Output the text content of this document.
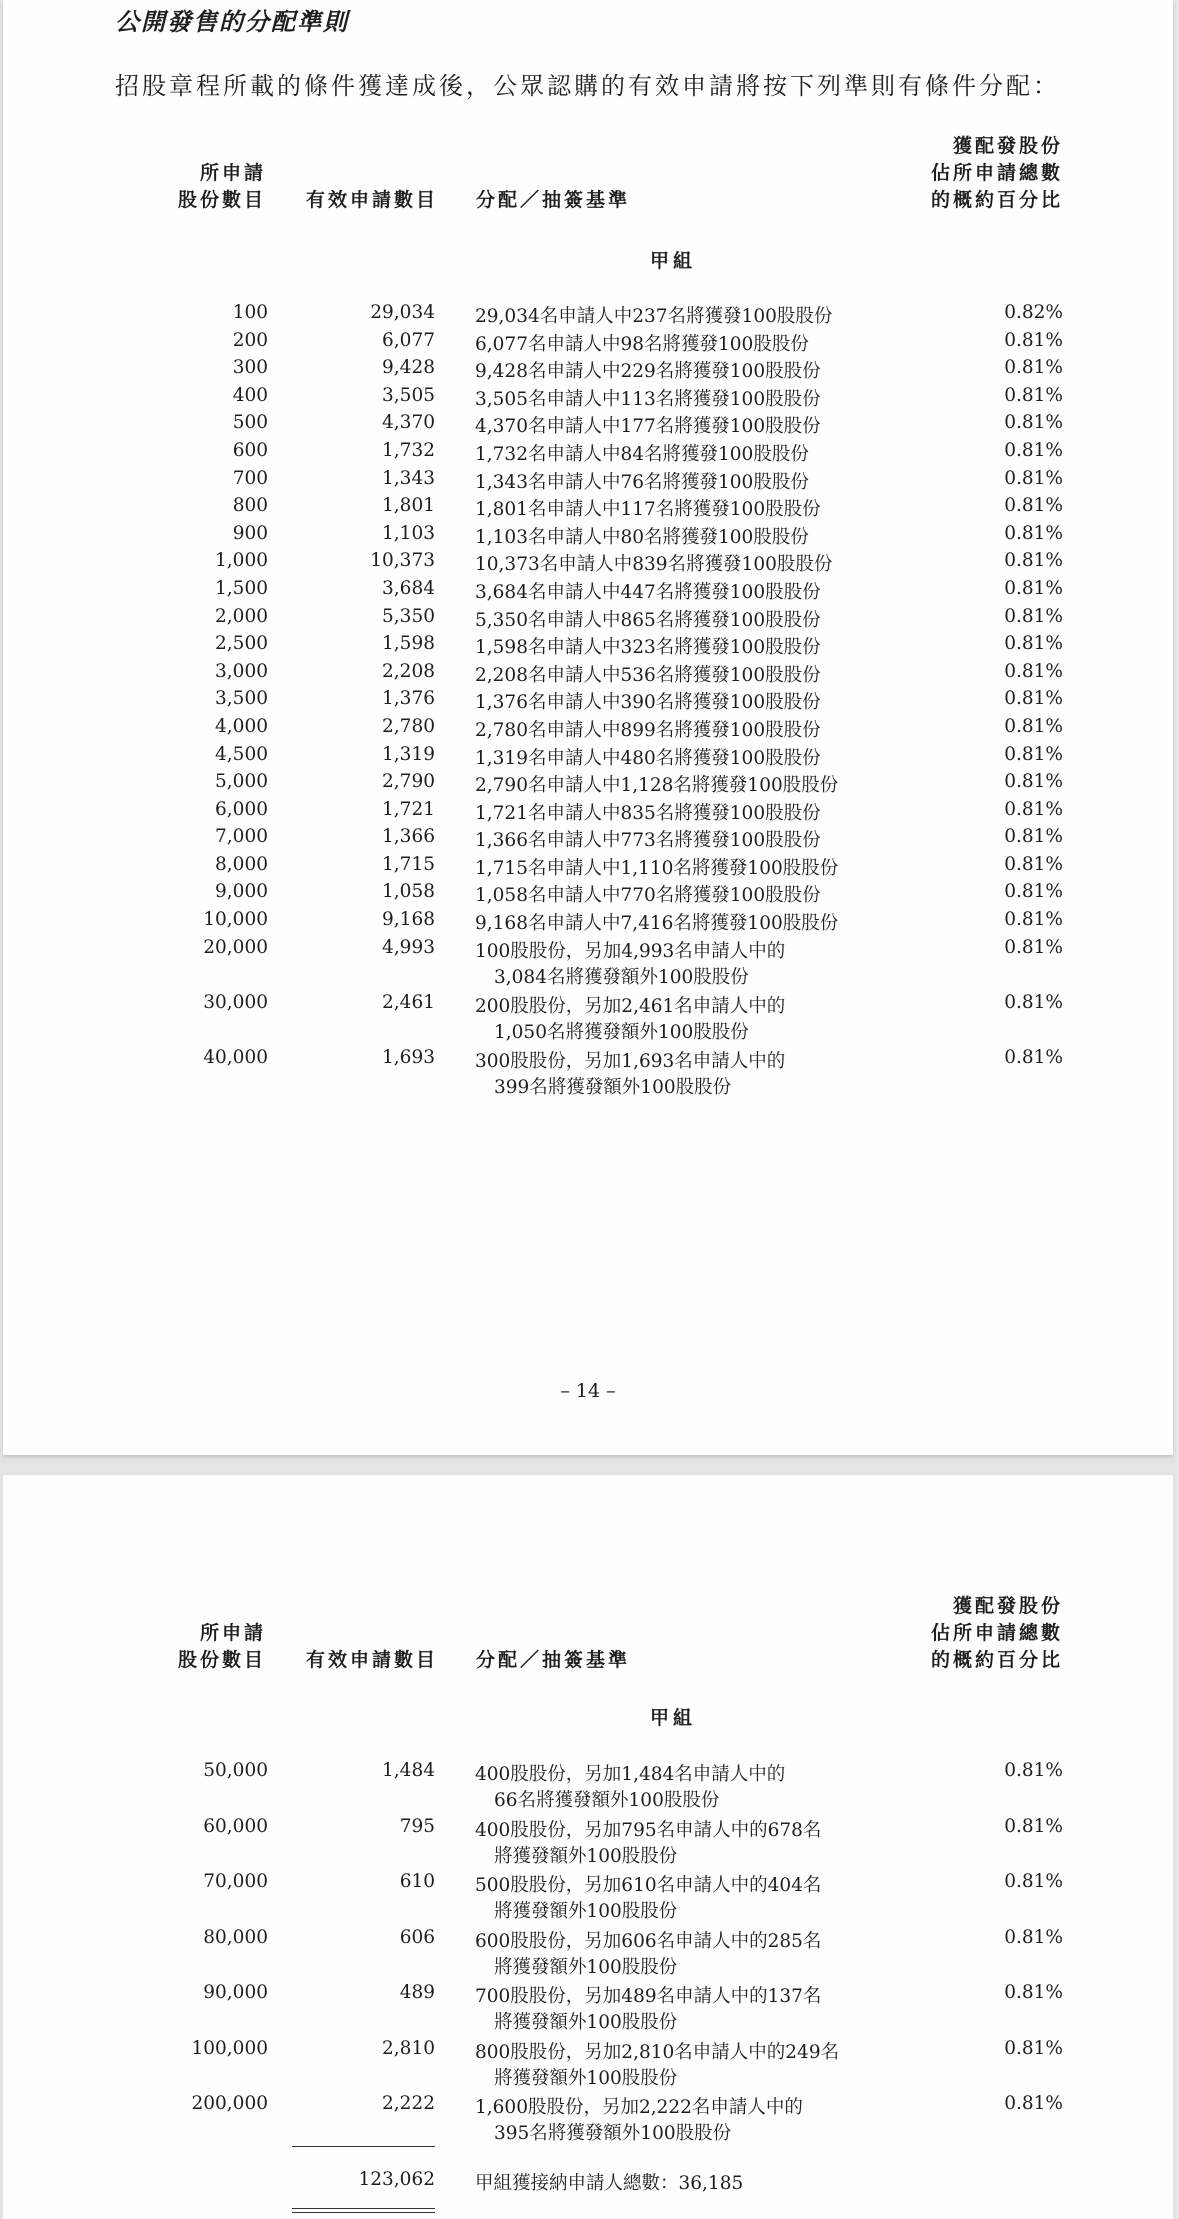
公開發售的分配準則
招股章程所載的條件獲達成後，公眾認購的有效申請將按下列準則有條件分配：
所申請
股份數目	有效申請數目 分配／抽簽基準
獲配發股份
佔所申請總數
的概約百分比
甲組
100	29,034 29,034名申請人中237名將獲發100股股份	0.82%
200	6,077 6,077名申請人中98名將獲發100股股份	0.81%
300	9,428 9,428名申請人中229名將獲發100股股份	0.81%
400	3,505 3,505名申請人中113名將獲發100股股份	0.81%
500	4,370 4,370名申請人中177名將獲發100股股份	0.81%
600	1,732 1,732名申請人中84名將獲發100股股份	0.81%
700	1,343 1,343名申請人中76名將獲發100股股份	0.81%
800	1,801 1,801名申請人中117名將獲發100股股份	0.81%
900	1,103 1,103名申請人中80名將獲發100股股份	0.81%
1,000	10,373 10,373名申請人中839名將獲發100股股份	0.81%
1,500	3,684 3,684名申請人中447名將獲發100股股份	0.81%
2,000	5,350 5,350名申請人中865名將獲發100股股份	0.81%
2,500	1,598 1,598名申請人中323名將獲發100股股份	0.81%
3,000	2,208 2,208名申請人中536名將獲發100股股份	0.81%
3,500	1,376 1,376名申請人中390名將獲發100股股份	0.81%
4,000	2,780 2,780名申請人中899名將獲發100股股份	0.81%
4,500	1,319 1,319名申請人中480名將獲發100股股份	0.81%
5,000	2,790 2,790名申請人中1,128名將獲發100股股份	0.81%
6,000	1,721 1,721名申請人中835名將獲發100股股份	0.81%
7,000	1,366 1,366名申請人中773名將獲發100股股份	0.81%
8,000	1,715 1,715名申請人中1,110名將獲發100股股份	0.81%
9,000	1,058 1,058名申請人中770名將獲發100股股份	0.81%
10,000	9,168 9,168名申請人中7,416名將獲發100股股份	0.81%
20,000	4,993 100股股份，另加4,993名申請人中的	0.81%
3,084名將獲發額外100股股份
30,000	2,461 200股股份，另加2,461名申請人中的	0.81%
1,050名將獲發額外100股股份
40,000	1,693 300股股份，另加1,693名申請人中的	0.81%
399名將獲發額外100股股份
– 14 –
所申請
股份數目	有效申請數目 分配／抽簽基準
獲配發股份
佔所申請總數
的概約百分比
甲組
50,000	1,484 400股股份，另加1,484名申請人中的	0.81%
66名將獲發額外100股股份
60,000	795 400股股份，另加795名申請人中的678名	0.81%
將獲發額外100股股份
70,000	610 500股股份，另加610名申請人中的404名	0.81%
將獲發額外100股股份
80,000	606 600股股份，另加606名申請人中的285名	0.81%
將獲發額外100股股份
90,000	489 700股股份，另加489名申請人中的137名	0.81%
將獲發額外100股股份
100,000	2,810 800股股份，另加2,810名申請人中的249名	0.81%
將獲發額外100股股份
200,000	2,222 1,600股股份，另加2,222名申請人中的	0.81%
395名將獲發額外100股股份
123,062 甲組獲接納申請人總數：36,185
